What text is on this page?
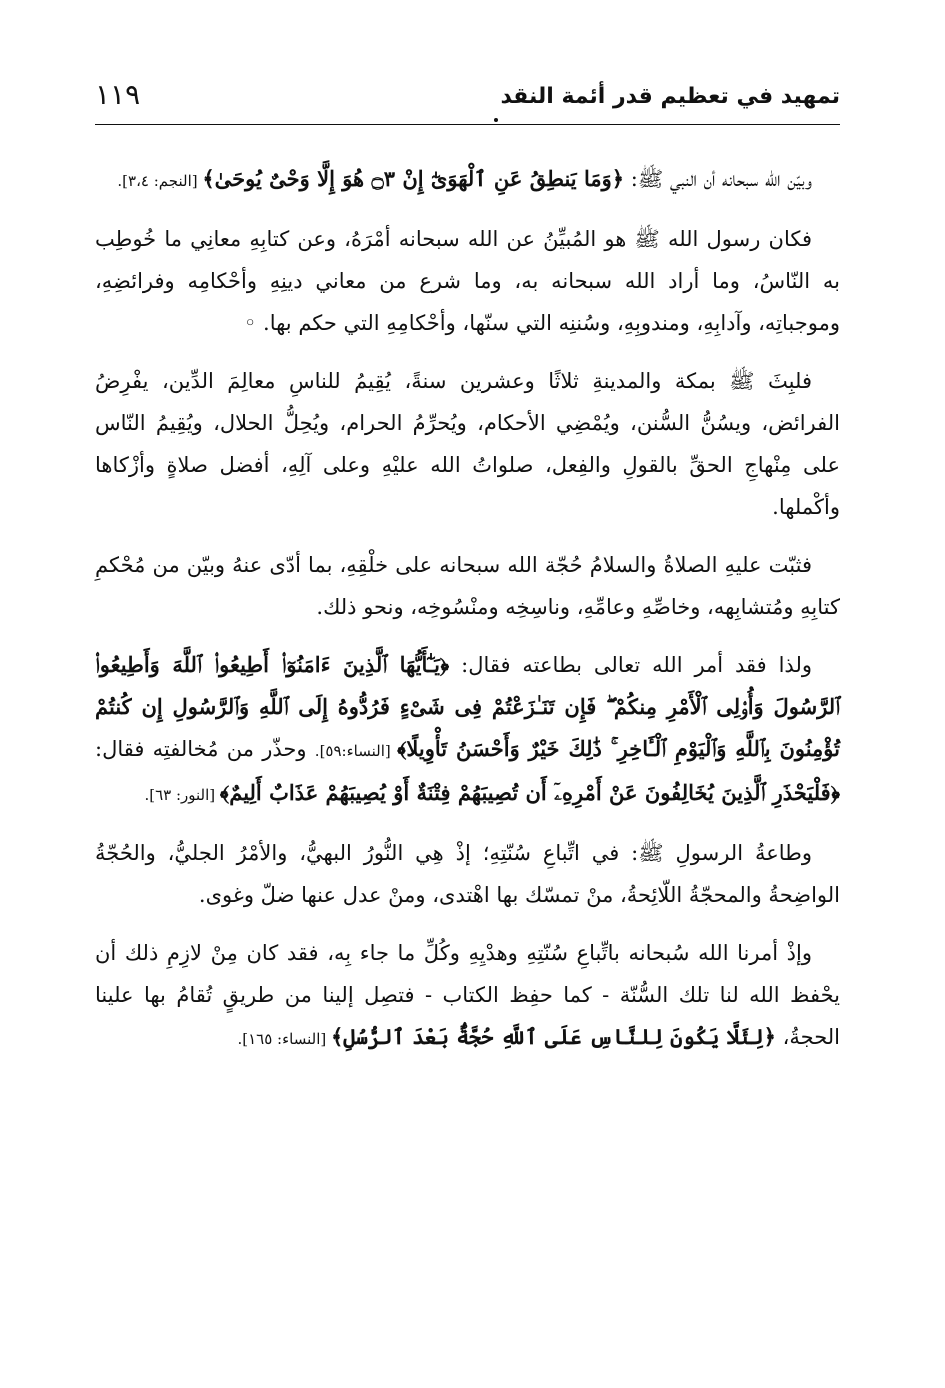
تمهيد في تعظيم قدر أئمة النقد
١١٩

وبيّن الله سبحانه أن النبي ﷺ: ﴿وَمَا يَنطِقُ عَنِ ٱلْهَوَىٰٓ إِنْ ۝٣ هُوَ إِلَّا وَحْىٌ يُوحَىٰ﴾ [النجم: ٣،٤].

فكان رسول الله ﷺ هو المُبيِّنُ عن الله سبحانه أمْرَهُ، وعن كتابِهِ معانِي ما خُوطِب به النّاسُ، وما أراد الله سبحانه به، وما شرع من معاني دينِهِ وأحْكامِه وفرائضِهِ، وموجباتِه، وآدابِهِ، ومندوبِهِ، وسُننِه التي سنّها، وأحْكامِهِ التي حكم بها. ◦

فلبِثَ ﷺ بمكة والمدينةِ ثلاثًا وعشرين سنةً، يُقِيمُ للناسِ معالِمَ الدِّين، يفْرِضُ الفرائض، ويسُنُّ السُّنن، ويُمْضِي الأحكام، ويُحرِّمُ الحرام، ويُحِلُّ الحلال، ويُقِيمُ النّاس على مِنْهاجِ الحقِّ بالقولِ والفِعل، صلواتُ الله عليْهِ وعلى آلِهِ، أفضل صلاةٍ وأزْكاها وأكْملها.

فثبّت عليهِ الصلاةُ والسلامُ حُجّة الله سبحانه على خلْقِهِ، بما أدّى عنهُ وبيّن من مُحْكمِ كتابِهِ ومُتشابِهه، وخاصِّهِ وعامِّهِ، وناسِخِه ومنْسُوخِه، ونحو ذلك.

ولذا فقد أمر الله تعالى بطاعته فقال: ﴿يَـٰٓأَيُّهَا ٱلَّذِينَ ءَامَنُوٓا۟ أَطِيعُوا۟ ٱللَّهَ وَأَطِيعُوا۟ ٱلرَّسُولَ وَأُو۟لِى ٱلْأَمْرِ مِنكُمْ ۖ فَإِن تَنَـٰزَعْتُمْ فِى شَىْءٍ فَرُدُّوهُ إِلَى ٱللَّهِ وَٱلرَّسُولِ إِن كُنتُمْ تُؤْمِنُونَ بِٱللَّهِ وَٱلْيَوْمِ ٱلْـَٔاخِرِ ۚ ذَٰلِكَ خَيْرٌ وَأَحْسَنُ تَأْوِيلًا﴾ [النساء:٥٩]. وحذّر من مُخالفتِه فقال: ﴿فَلْيَحْذَرِ ٱلَّذِينَ يُخَالِفُونَ عَنْ أَمْرِهِۦٓ أَن تُصِيبَهُمْ فِتْنَةٌ أَوْ يُصِيبَهُمْ عَذَابٌ أَلِيمٌ﴾ [النور: ٦٣].

وطاعةُ الرسولِ ﷺ: في اتِّباعِ سُنّتِهِ؛ إذْ هِي النُّورُ البهيُّ، والأمْرُ الجليُّ، والحُجّةُ الواضِحةُ والمحجّةُ اللّائِحةُ، منْ تمسّك بها اهْتدى، ومنْ عدل عنها ضلّ وغوى.

وإذْ أمرنا الله سُبحانه باتِّباعِ سُنّتِهِ وهدْيِهِ وكُلِّ ما جاء بِه، فقد كان مِنْ لازِمِ ذلك أن يحْفظ الله لنا تلك السُّنّة - كما حفِظ الكتاب - فتصِل إلينا من طريقٍ تُقامُ بها علينا الحجةُ، ﴿لِئَلَّا يَكُونَ لِلنَّاسِ عَلَى ٱللَّهِ حُجَّةٌۢ بَعْدَ ٱلرُّسُلِ﴾ [النساء: ١٦٥].
